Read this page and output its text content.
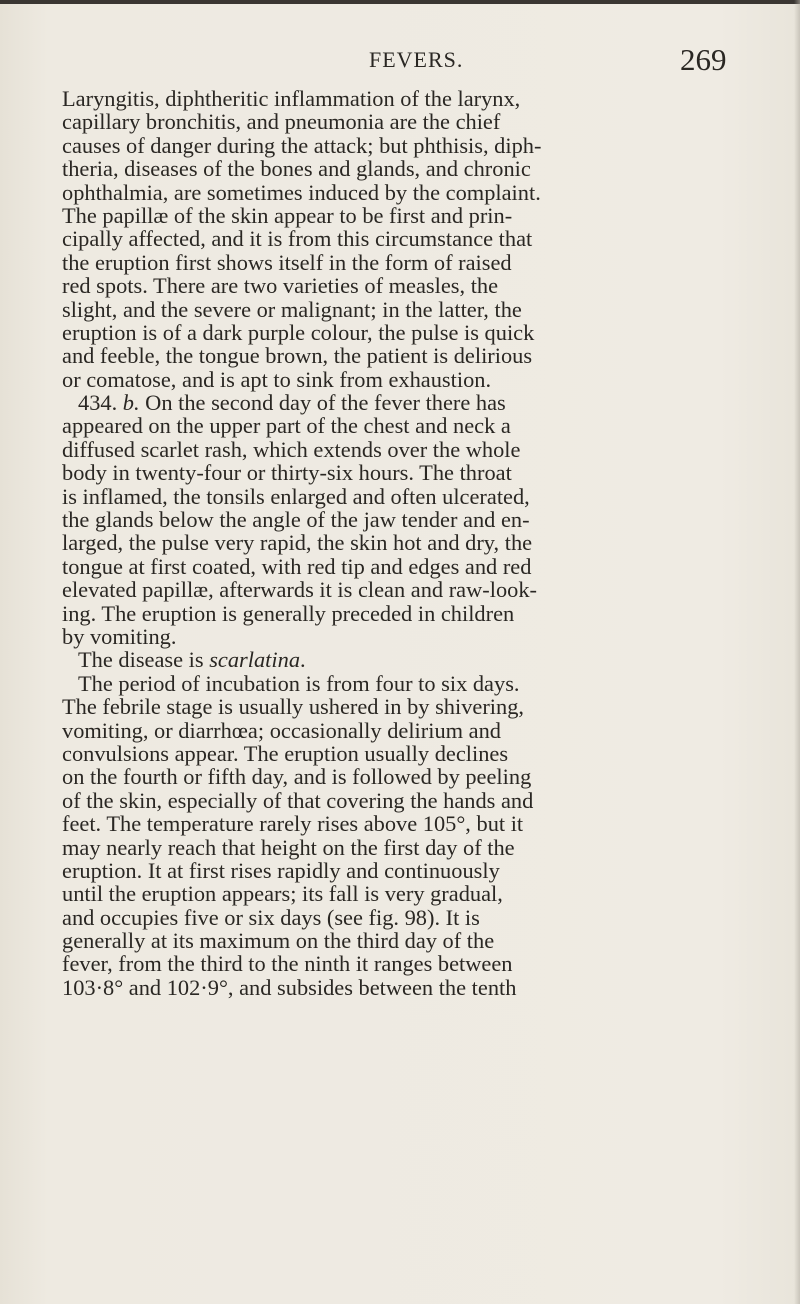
FEVERS.	269
Laryngitis, diphtheritic inflammation of the larynx,
capillary bronchitis, and pneumonia are the chief
causes of danger during the attack; but phthisis, diph-
theria, diseases of the bones and glands, and chronic
ophthalmia, are sometimes induced by the complaint.
The papillæ of the skin appear to be first and prin-
cipally affected, and it is from this circumstance that
the eruption first shows itself in the form of raised
red spots. There are two varieties of measles, the
slight, and the severe or malignant; in the latter, the
eruption is of a dark purple colour, the pulse is quick
and feeble, the tongue brown, the patient is delirious
or comatose, and is apt to sink from exhaustion.
434. b. On the second day of the fever there has
appeared on the upper part of the chest and neck a
diffused scarlet rash, which extends over the whole
body in twenty-four or thirty-six hours. The throat
is inflamed, the tonsils enlarged and often ulcerated,
the glands below the angle of the jaw tender and en-
larged, the pulse very rapid, the skin hot and dry, the
tongue at first coated, with red tip and edges and red
elevated papillæ, afterwards it is clean and raw-look-
ing. The eruption is generally preceded in children
by vomiting.
The disease is scarlatina.
The period of incubation is from four to six days.
The febrile stage is usually ushered in by shivering,
vomiting, or diarrhœa; occasionally delirium and
convulsions appear. The eruption usually declines
on the fourth or fifth day, and is followed by peeling
of the skin, especially of that covering the hands and
feet. The temperature rarely rises above 105°, but it
may nearly reach that height on the first day of the
eruption. It at first rises rapidly and continuously
until the eruption appears; its fall is very gradual,
and occupies five or six days (see fig. 98). It is
generally at its maximum on the third day of the
fever, from the third to the ninth it ranges between
103·8° and 102·9°, and subsides between the tenth
